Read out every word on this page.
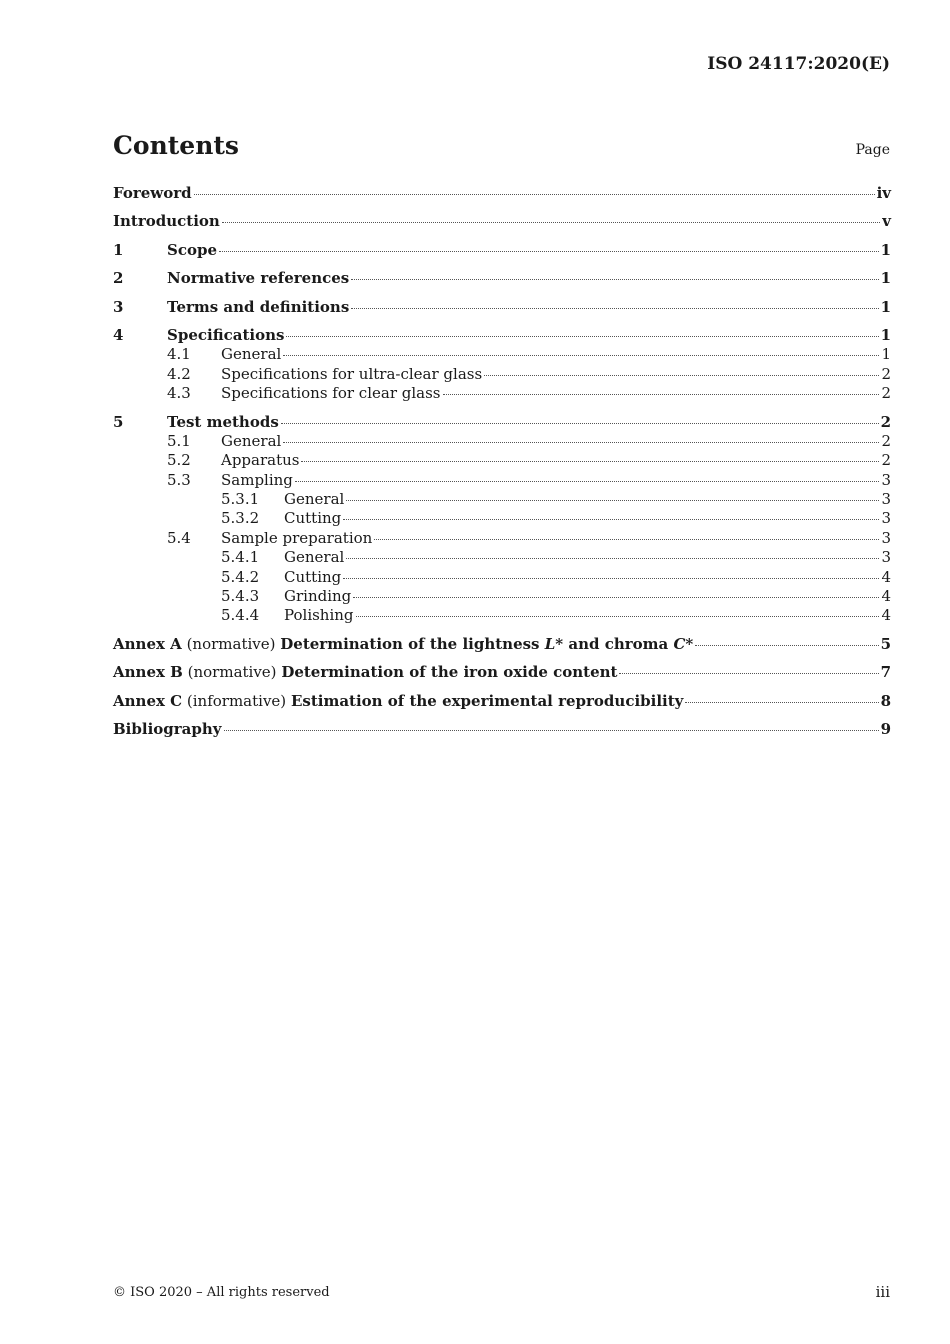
ISO 24117:2020(E)
Contents	Page
Foreword	iv
Introduction	v
1	Scope	1
2	Normative references	1
3	Terms and definitions	1
4	Specifications	1
4.1	General	1
4.2	Specifications for ultra-clear glass	2
4.3	Specifications for clear glass	2
5	Test methods	2
5.1	General	2
5.2	Apparatus	2
5.3	Sampling	3
5.3.1	General	3
5.3.2	Cutting	3
5.4	Sample preparation	3
5.4.1	General	3
5.4.2	Cutting	4
5.4.3	Grinding	4
5.4.4	Polishing	4
Annex A (normative) Determination of the lightness L* and chroma C*	5
Annex B (normative) Determination of the iron oxide content	7
Annex C (informative) Estimation of the experimental reproducibility	8
Bibliography	9
© ISO 2020 – All rights reserved	iii
